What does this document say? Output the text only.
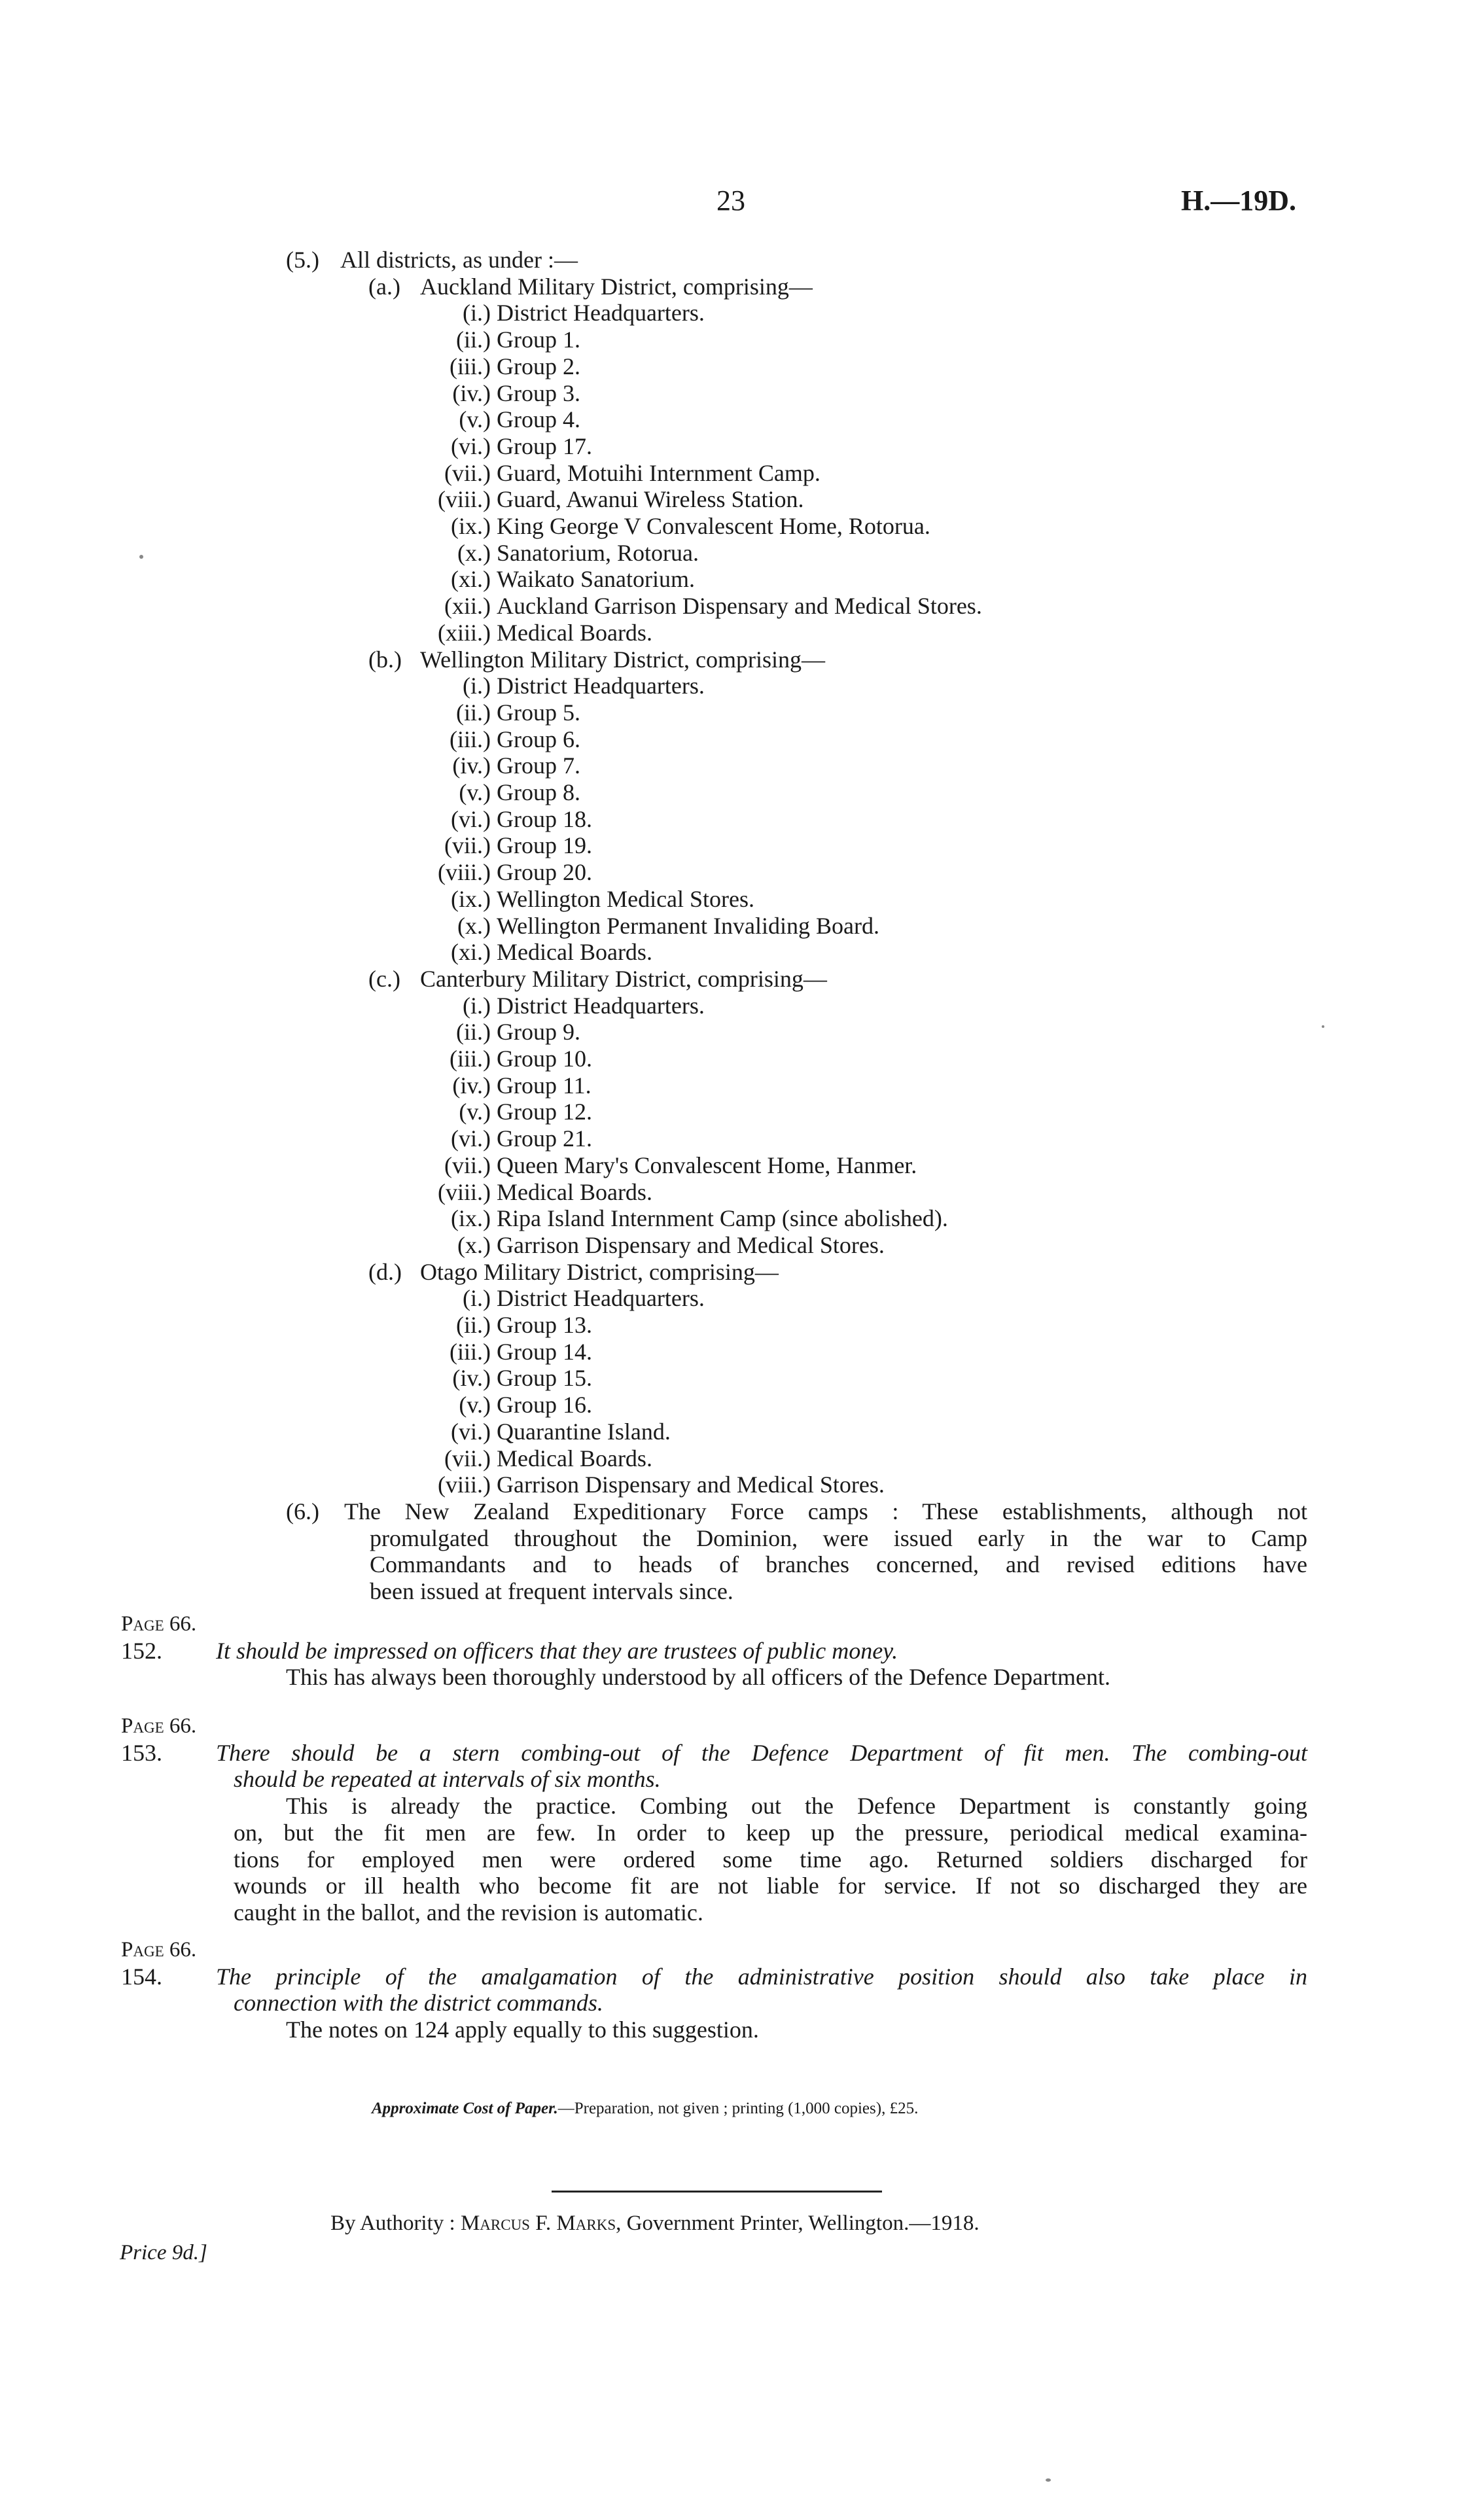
23	H.—19D.
(5.) All districts, as under :—
(a.) Auckland Military District, comprising—
(i.) District Headquarters.
(ii.) Group 1.
(iii.) Group 2.
(iv.) Group 3.
(v.) Group 4.
(vi.) Group 17.
(vii.) Guard, Motuihi Internment Camp.
(viii.) Guard, Awanui Wireless Station.
(ix.) King George V Convalescent Home, Rotorua.
(x.) Sanatorium, Rotorua.
(xi.) Waikato Sanatorium.
(xii.) Auckland Garrison Dispensary and Medical Stores.
(xiii.) Medical Boards.
(b.) Wellington Military District, comprising—
(i.) District Headquarters.
(ii.) Group 5.
(iii.) Group 6.
(iv.) Group 7.
(v.) Group 8.
(vi.) Group 18.
(vii.) Group 19.
(viii.) Group 20.
(ix.) Wellington Medical Stores.
(x.) Wellington Permanent Invaliding Board.
(xi.) Medical Boards.
(c.) Canterbury Military District, comprising—
(i.) District Headquarters.
(ii.) Group 9.
(iii.) Group 10.
(iv.) Group 11.
(v.) Group 12.
(vi.) Group 21.
(vii.) Queen Mary's Convalescent Home, Hanmer.
(viii.) Medical Boards.
(ix.) Ripa Island Internment Camp (since abolished).
(x.) Garrison Dispensary and Medical Stores.
(d.) Otago Military District, comprising—
(i.) District Headquarters.
(ii.) Group 13.
(iii.) Group 14.
(iv.) Group 15.
(v.) Group 16.
(vi.) Quarantine Island.
(vii.) Medical Boards.
(viii.) Garrison Dispensary and Medical Stores.
(6.) The New Zealand Expeditionary Force camps : These establishments, although not
promulgated throughout the Dominion, were issued early in the war to Camp
Commandants and to heads of branches concerned, and revised editions have
been issued at frequent intervals since.
Page 66.
152. It should be impressed on officers that they are trustees of public money.
This has always been thoroughly understood by all officers of the Defence Department.
Page 66.
153. There should be a stern combing-out of the Defence Department of fit men. The combing-out
should be repeated at intervals of six months.
This is already the practice. Combing out the Defence Department is constantly going
on, but the fit men are few. In order to keep up the pressure, periodical medical examina-
tions for employed men were ordered some time ago. Returned soldiers discharged for
wounds or ill health who become fit are not liable for service. If not so discharged they are
caught in the ballot, and the revision is automatic.
Page 66.
154. The principle of the amalgamation of the administrative position should also take place in
connection with the district commands.
The notes on 124 apply equally to this suggestion.
Approximate Cost of Paper.—Preparation, not given ; printing (1,000 copies), £25.
By Authority : Marcus F. Marks, Government Printer, Wellington.—1918.
Price 9d.]
